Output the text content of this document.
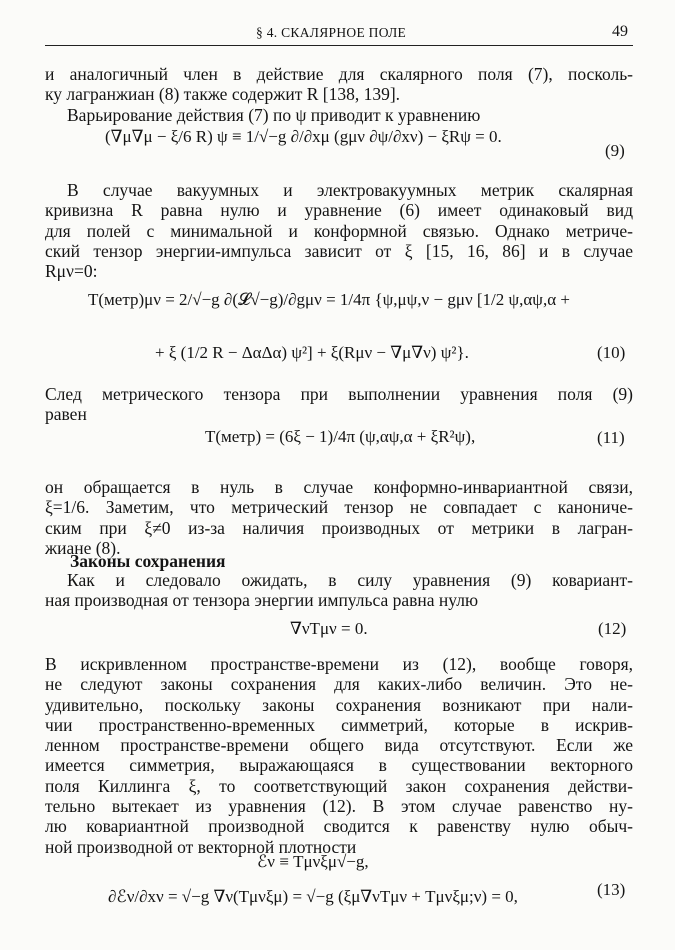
§ 4. СКАЛЯРНОЕ ПОЛЕ	49
и аналогичный член в действие для скалярного поля (7), посколь-
ку лагранжиан (8) также содержит R [138, 139].
Варьирование действия (7) по ψ приводит к уравнению
(∇μ∇μ − ξ/6 R) ψ ≡ 1/√−g ∂/∂xμ (gμν ∂ψ/∂xν) − ξRψ = 0.
(9)
В случае вакуумных и электровакуумных метрик скалярная
кривизна R равна нулю и уравнение (6) имеет одинаковый вид
для полей с минимальной и конформной связью. Однако метриче-
ский тензор энергии-импульса зависит от ξ [15, 16, 86] и в случае
Rμν=0:
T(метр)μν = 2/√−g ∂(𝓛√−g)/∂gμν = 1/4π {ψ,μψ,ν − gμν [1/2 ψ,αψ,α +
+ ξ (1/2 R − ΔαΔα) ψ²] + ξ(Rμν − ∇μ∇ν) ψ²}.	(10)
След метрического тензора при выполнении уравнения поля (9)
равен
T(метр) = (6ξ − 1)/4π (ψ,αψ,α + ξR²ψ),	(11)
он обращается в нуль в случае конформно-инвариантной связи,
ξ=1/6. Заметим, что метрический тензор не совпадает с канониче-
ским при ξ≠0 из-за наличия производных от метрики в лагран-
жиане (8).
Законы сохранения
Как и следовало ожидать, в силу уравнения (9) ковариант-
ная производная от тензора энергии импульса равна нулю
∇νTμν = 0.	(12)
В искривленном пространстве-времени из (12), вообще говоря,
не следуют законы сохранения для каких-либо величин. Это не-
удивительно, поскольку законы сохранения возникают при нали-
чии пространственно-временных симметрий, которые в искрив-
ленном пространстве-времени общего вида отсутствуют. Если же
имеется симметрия, выражающаяся в существовании векторного
поля Киллинга ξ, то соответствующий закон сохранения действи-
тельно вытекает из уравнения (12). В этом случае равенство ну-
лю ковариантной производной сводится к равенству нулю обыч-
ной производной от векторной плотности
ℰν ≡ Tμνξμ√−g,
∂ℰν/∂xν = √−g ∇ν(Tμνξμ) = √−g (ξμ∇νTμν + Tμνξμ;ν) = 0,	(13)
